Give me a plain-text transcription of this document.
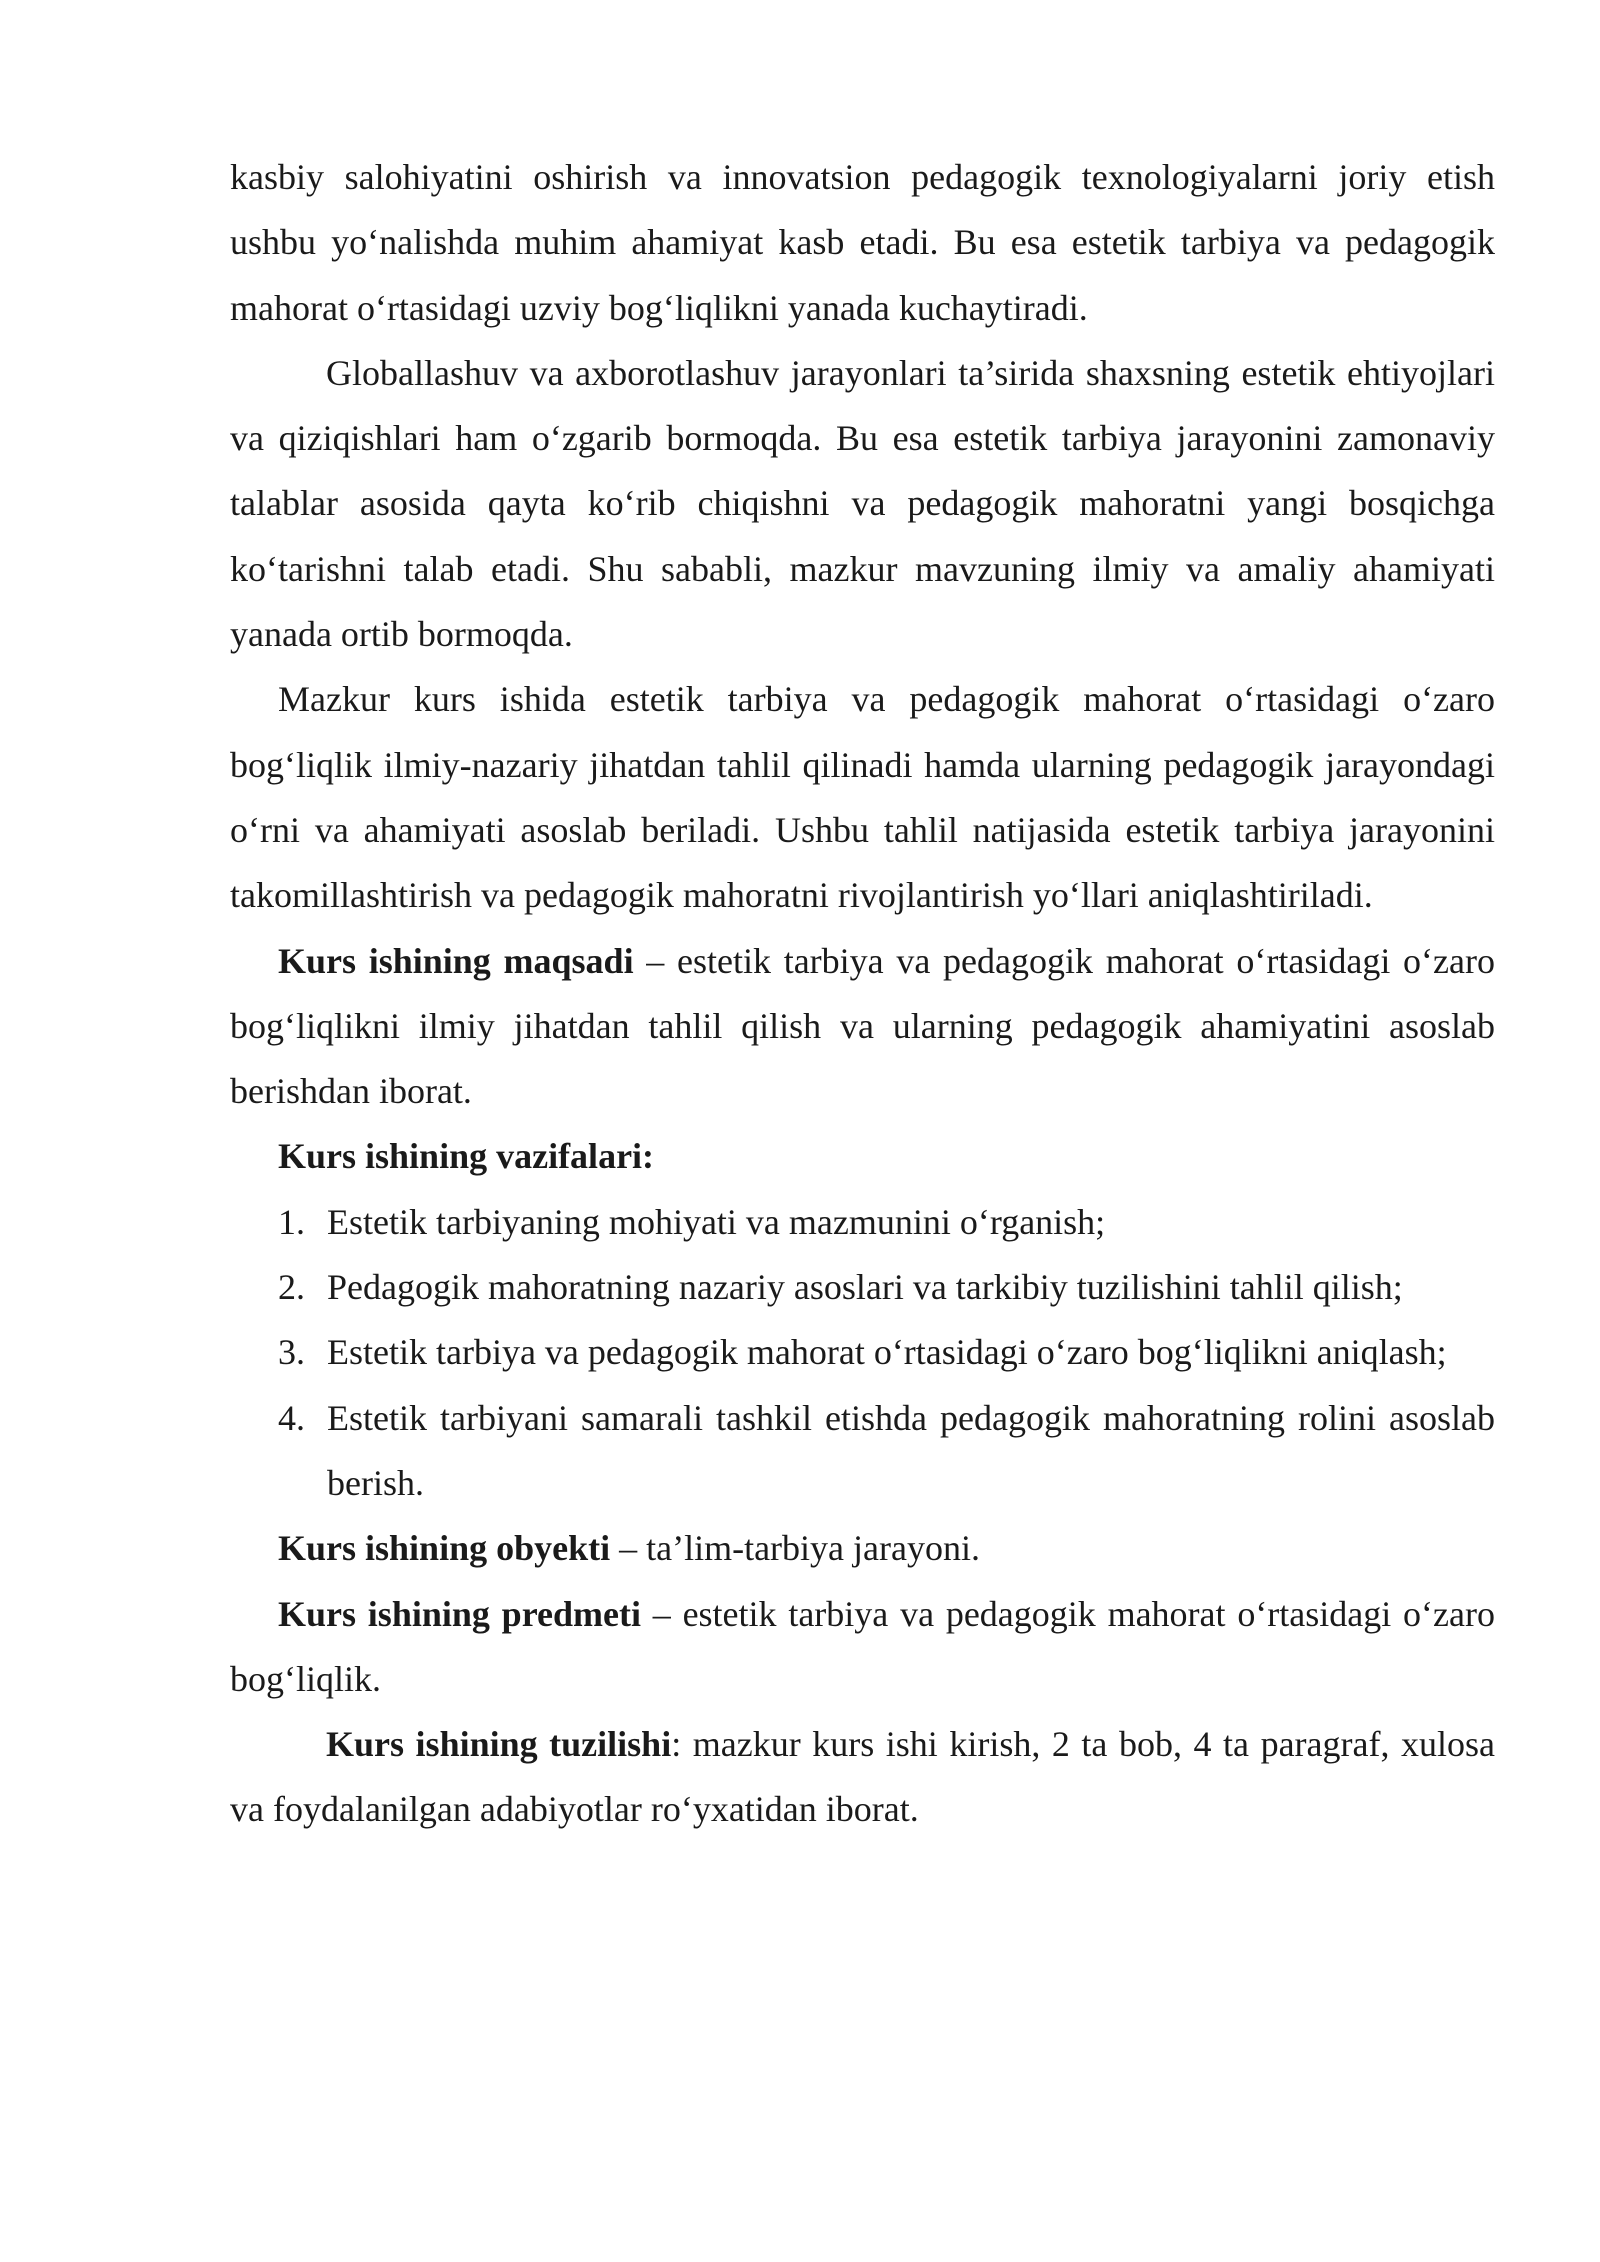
kasbiy salohiyatini oshirish va innovatsion pedagogik texnologiyalarni joriy etish ushbu yo‘nalishda muhim ahamiyat kasb etadi. Bu esa estetik tarbiya va pedagogik mahorat o‘rtasidagi uzviy bog‘liqlikni yanada kuchaytiradi.

Globallashuv va axborotlashuv jarayonlari ta’sirida shaxsning estetik ehtiyojlari va qiziqishlari ham o‘zgarib bormoqda. Bu esa estetik tarbiya jarayonini zamonaviy talablar asosida qayta ko‘rib chiqishni va pedagogik mahoratni yangi bosqichga ko‘tarishni talab etadi. Shu sababli, mazkur mavzuning ilmiy va amaliy ahamiyati yanada ortib bormoqda.

Mazkur kurs ishida estetik tarbiya va pedagogik mahorat o‘rtasidagi o‘zaro bog‘liqlik ilmiy-nazariy jihatdan tahlil qilinadi hamda ularning pedagogik jarayondagi o‘rni va ahamiyati asoslab beriladi. Ushbu tahlil natijasida estetik tarbiya jarayonini takomillashtirish va pedagogik mahoratni rivojlantirish yo‘llari aniqlashtiriladi.

Kurs ishining maqsadi – estetik tarbiya va pedagogik mahorat o‘rtasidagi o‘zaro bog‘liqlikni ilmiy jihatdan tahlil qilish va ularning pedagogik ahamiyatini asoslab berishdan iborat.

Kurs ishining vazifalari:

1. Estetik tarbiyaning mohiyati va mazmunini o‘rganish;
2. Pedagogik mahoratning nazariy asoslari va tarkibiy tuzilishini tahlil qilish;
3. Estetik tarbiya va pedagogik mahorat o‘rtasidagi o‘zaro bog‘liqlikni aniqlash;
4. Estetik tarbiyani samarali tashkil etishda pedagogik mahoratning rolini asoslab berish.

Kurs ishining obyekti – ta’lim-tarbiya jarayoni.

Kurs ishining predmeti – estetik tarbiya va pedagogik mahorat o‘rtasidagi o‘zaro bog‘liqlik.

Kurs ishining tuzilishi: mazkur kurs ishi kirish, 2 ta bob, 4 ta paragraf, xulosa va foydalanilgan adabiyotlar ro‘yxatidan iborat.
